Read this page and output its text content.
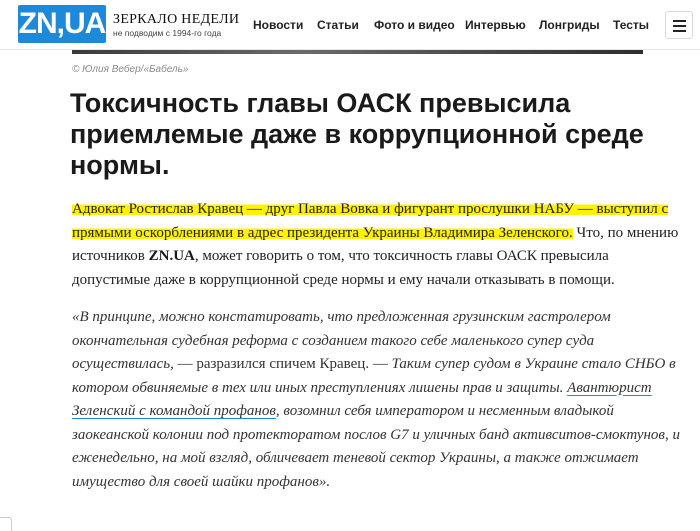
ZN,UA ЗЕРКАЛО НЕДЕЛИ
не подводим с 1994-го года
Новости Статьи Фото и видео Интервью Лонгриды Тесты
© Юлия Вебер/«Бабель»
Токсичность главы ОАСК превысила приемлемые даже в коррупционной среде нормы.

Адвокат Ростислав Кравец — друг Павла Вовка и фигурант прослушки НАБУ — выступил с прямыми оскорблениями в адрес президента Украины Владимира Зеленского. Что, по мнению источников ZN.UA, может говорить о том, что токсичность главы ОАСК превысила допустимые даже в коррупционной среде нормы и ему начали отказывать в помощи.

«В принципе, можно констатировать, что предложенная грузинским гастролером окончательная судебная реформа с созданием такого себе маленького супер суда осуществилась, — разразился спичем Кравец. — Таким супер судом в Украине стало СНБО в котором обвиняемые в тех или иных преступлениях лишены прав и защиты. Авантюрист Зеленский с командой профанов, возомнил себя императором и несменным владыкой заокеанской колонии под протекторатом послов G7 и уличных банд активситов-смоктунов, и еженедельно, на мой взгляд, обличевает теневой сектор Украины, а также отжимает имущество для своей шайки профанов».
